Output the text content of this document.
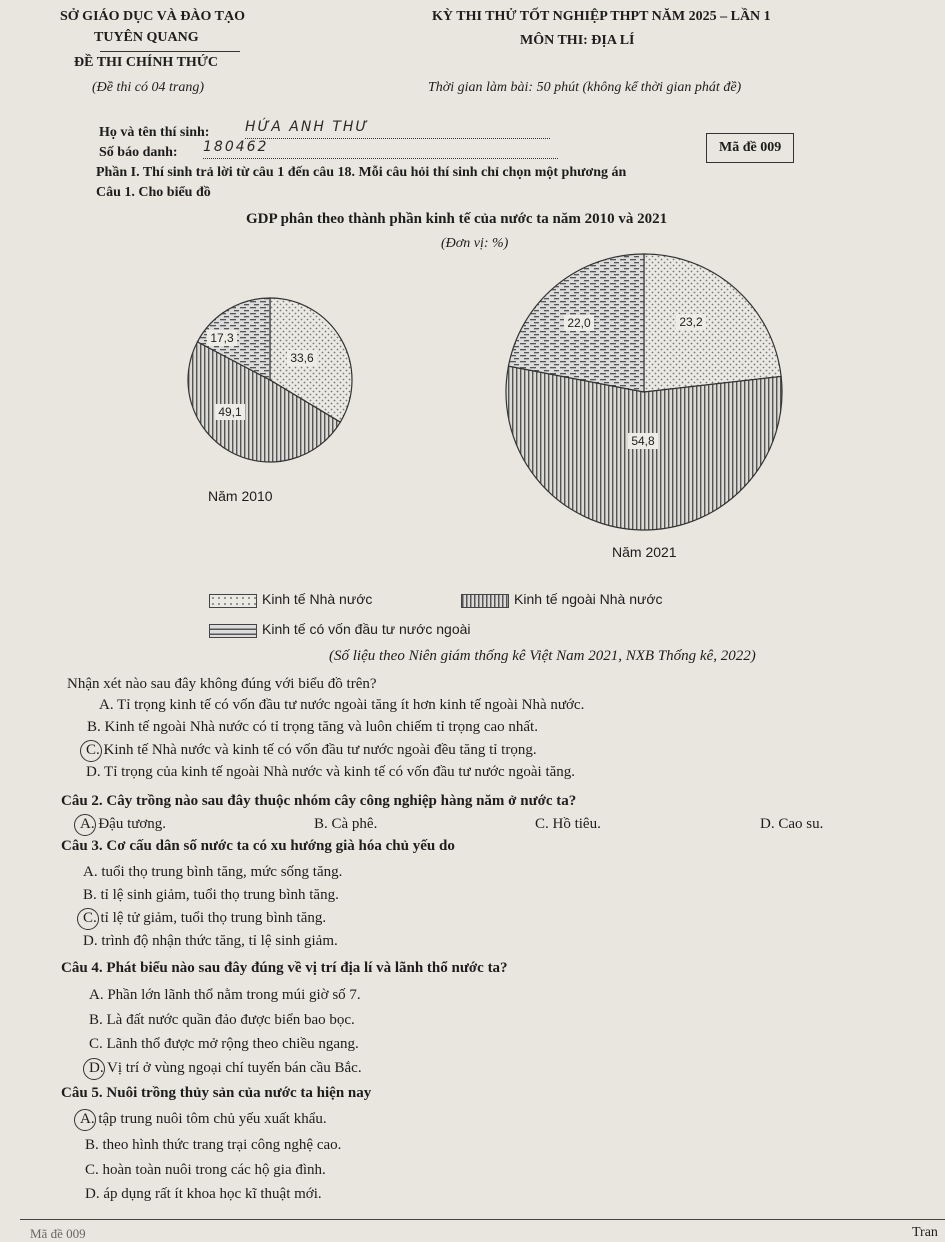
SỞ GIÁO DỤC VÀ ĐÀO TẠO
TUYÊN QUANG
ĐỀ THI CHÍNH THỨC
(Đề thi có 04 trang)
KỲ THI THỬ TỐT NGHIỆP THPT NĂM 2025 – LẦN 1
MÔN THI: ĐỊA LÍ
Thời gian làm bài: 50 phút (không kể thời gian phát đề)
Họ và tên thí sinh:	HỨA ANH THƯ
Số báo danh: 180462	Mã đề 009
Phần I. Thí sinh trả lời từ câu 1 đến câu 18. Mỗi câu hỏi thí sinh chỉ chọn một phương án
Câu 1. Cho biểu đồ
GDP phân theo thành phần kinh tế của nước ta năm 2010 và 2021
(Đơn vị: %)
33,6
49,1
17,3
23,2
54,8
22,0
Năm 2010
Năm 2021
Kinh tế Nhà nước	Kinh tế ngoài Nhà nước
Kinh tế có vốn đầu tư nước ngoài
(Số liệu theo Niên giám thống kê Việt Nam 2021, NXB Thống kê, 2022)
Nhận xét nào sau đây không đúng với biểu đồ trên?
A. Tỉ trọng kinh tế có vốn đầu tư nước ngoài tăng ít hơn kinh tế ngoài Nhà nước.
B. Kinh tế ngoài Nhà nước có tỉ trọng tăng và luôn chiếm tỉ trọng cao nhất.
C. Kinh tế Nhà nước và kinh tế có vốn đầu tư nước ngoài đều tăng tỉ trọng.
D. Tỉ trọng của kinh tế ngoài Nhà nước và kinh tế có vốn đầu tư nước ngoài tăng.
Câu 2. Cây trồng nào sau đây thuộc nhóm cây công nghiệp hàng năm ở nước ta?
A. Đậu tương.	B. Cà phê.	C. Hồ tiêu.	D. Cao su.
Câu 3. Cơ cấu dân số nước ta có xu hướng già hóa chủ yếu do
A. tuổi thọ trung bình tăng, mức sống tăng.
B. tỉ lệ sinh giảm, tuổi thọ trung bình tăng.
C. tỉ lệ tử giảm, tuổi thọ trung bình tăng.
D. trình độ nhận thức tăng, tỉ lệ sinh giảm.
Câu 4. Phát biểu nào sau đây đúng về vị trí địa lí và lãnh thổ nước ta?
A. Phần lớn lãnh thổ nằm trong múi giờ số 7.
B. Là đất nước quần đảo được biển bao bọc.
C. Lãnh thổ được mở rộng theo chiều ngang.
D. Vị trí ở vùng ngoại chí tuyến bán cầu Bắc.
Câu 5. Nuôi trồng thủy sản của nước ta hiện nay
A. tập trung nuôi tôm chủ yếu xuất khẩu.
B. theo hình thức trang trại công nghệ cao.
C. hoàn toàn nuôi trong các hộ gia đình.
D. áp dụng rất ít khoa học kĩ thuật mới.
Mã đề 009	Tran
